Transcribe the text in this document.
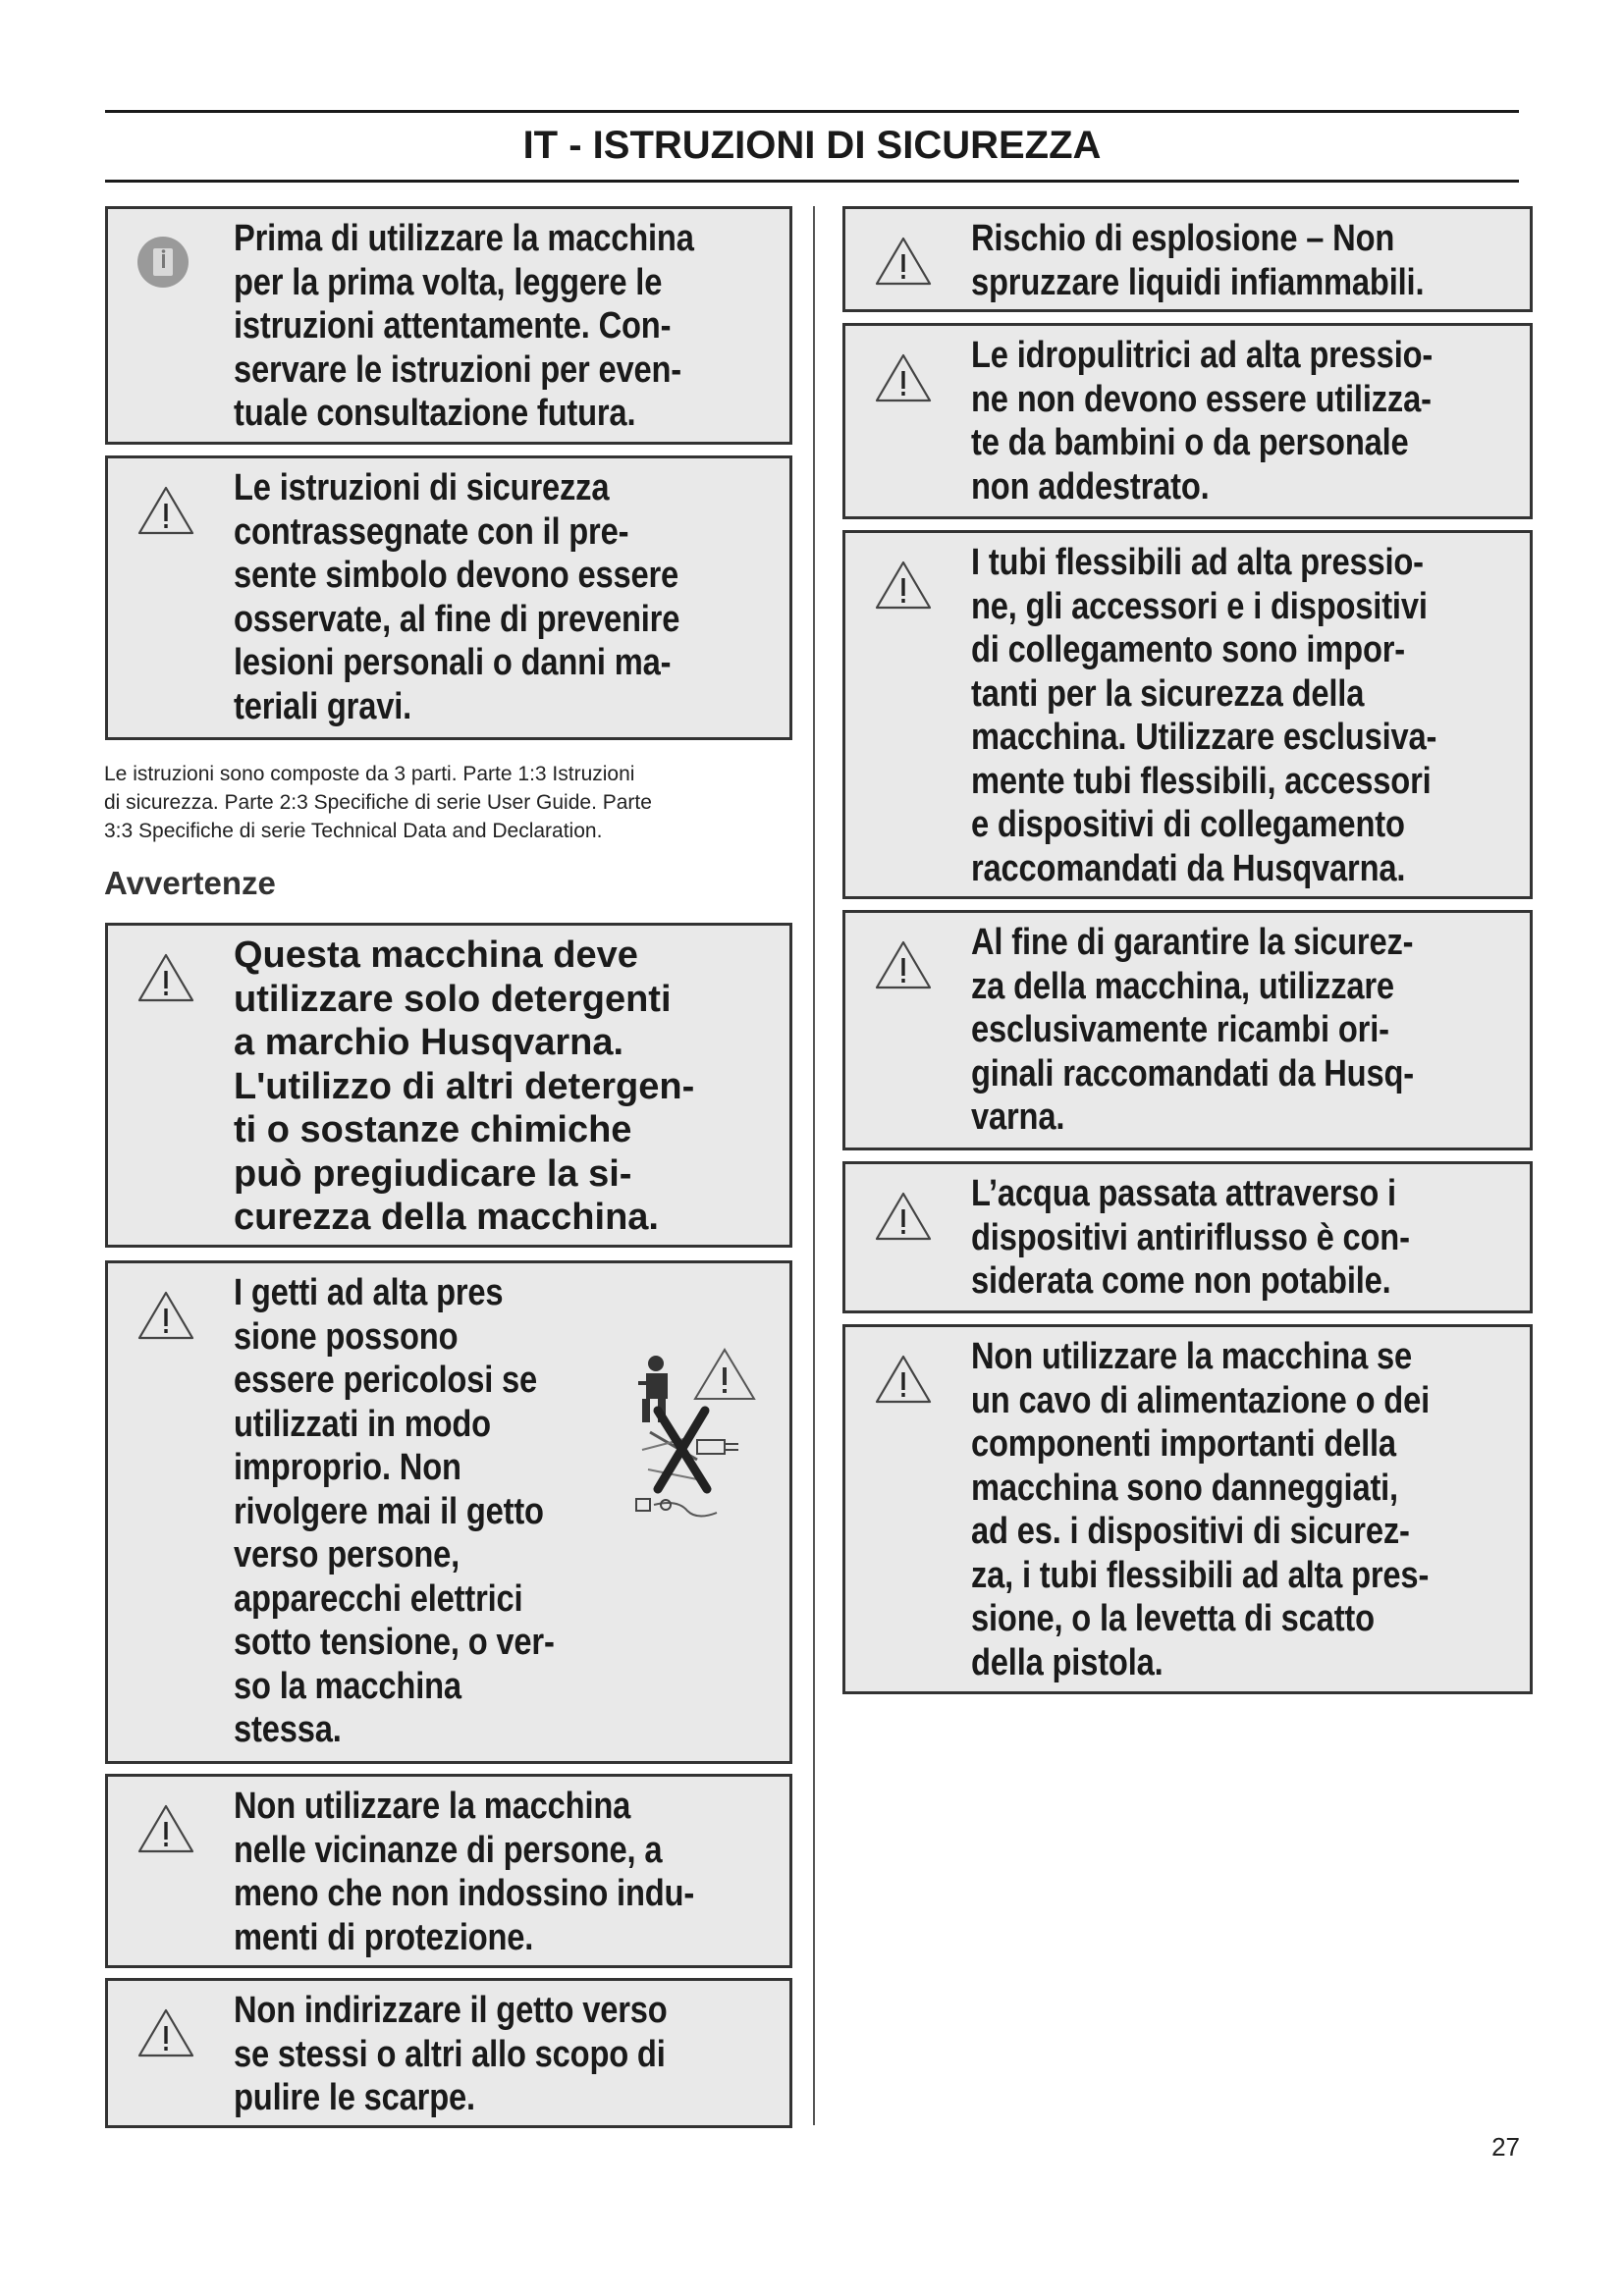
IT - ISTRUZIONI DI SICUREZZA
Prima di utilizzare la macchina
per la prima volta, leggere le
istruzioni attentamente. Con-
servare le istruzioni per even-
tuale consultazione futura.
Le istruzioni di sicurezza
contrassegnate con il pre-
sente simbolo devono essere
osservate, al fine di prevenire
lesioni personali o danni ma-
teriali gravi.
Le istruzioni sono composte da 3 parti. Parte 1:3 Istruzioni
di sicurezza. Parte 2:3 Specifiche di serie User Guide. Parte
3:3 Specifiche di serie Technical Data and Declaration.
Avvertenze
Questa macchina deve
utilizzare solo detergenti
a marchio Husqvarna.
L'utilizzo di altri detergen-
ti o sostanze chimiche
può pregiudicare la si-
curezza della macchina.
I getti ad alta pres
sione possono
essere pericolosi se
utilizzati in modo
improprio. Non
rivolgere mai il getto
verso persone,
apparecchi elettrici
sotto tensione, o ver-
so la macchina
stessa.
Non utilizzare la macchina
nelle vicinanze di persone, a
meno che non indossino indu-
menti di protezione.
Non indirizzare il getto verso
se stessi o altri allo scopo di
pulire le scarpe.
Rischio di esplosione – Non
spruzzare liquidi infiammabili.
Le idropulitrici ad alta pressio-
ne non devono essere utilizza-
te da bambini o da personale
non addestrato.
I tubi flessibili ad alta pressio-
ne, gli accessori e i dispositivi
di collegamento sono impor-
tanti per la sicurezza della
macchina. Utilizzare esclusiva-
mente tubi flessibili, accessori
e dispositivi di collegamento
raccomandati da Husqvarna.
Al fine di garantire la sicurez-
za della macchina, utilizzare
esclusivamente ricambi ori-
ginali raccomandati da Husq-
varna.
L’acqua passata attraverso i
dispositivi antiriflusso è con-
siderata come non potabile.
Non utilizzare la macchina se
un cavo di alimentazione o dei
componenti importanti della
macchina sono danneggiati,
ad es. i dispositivi di sicurez-
za, i tubi flessibili ad alta pres-
sione, o la levetta di scatto
della pistola.
27
